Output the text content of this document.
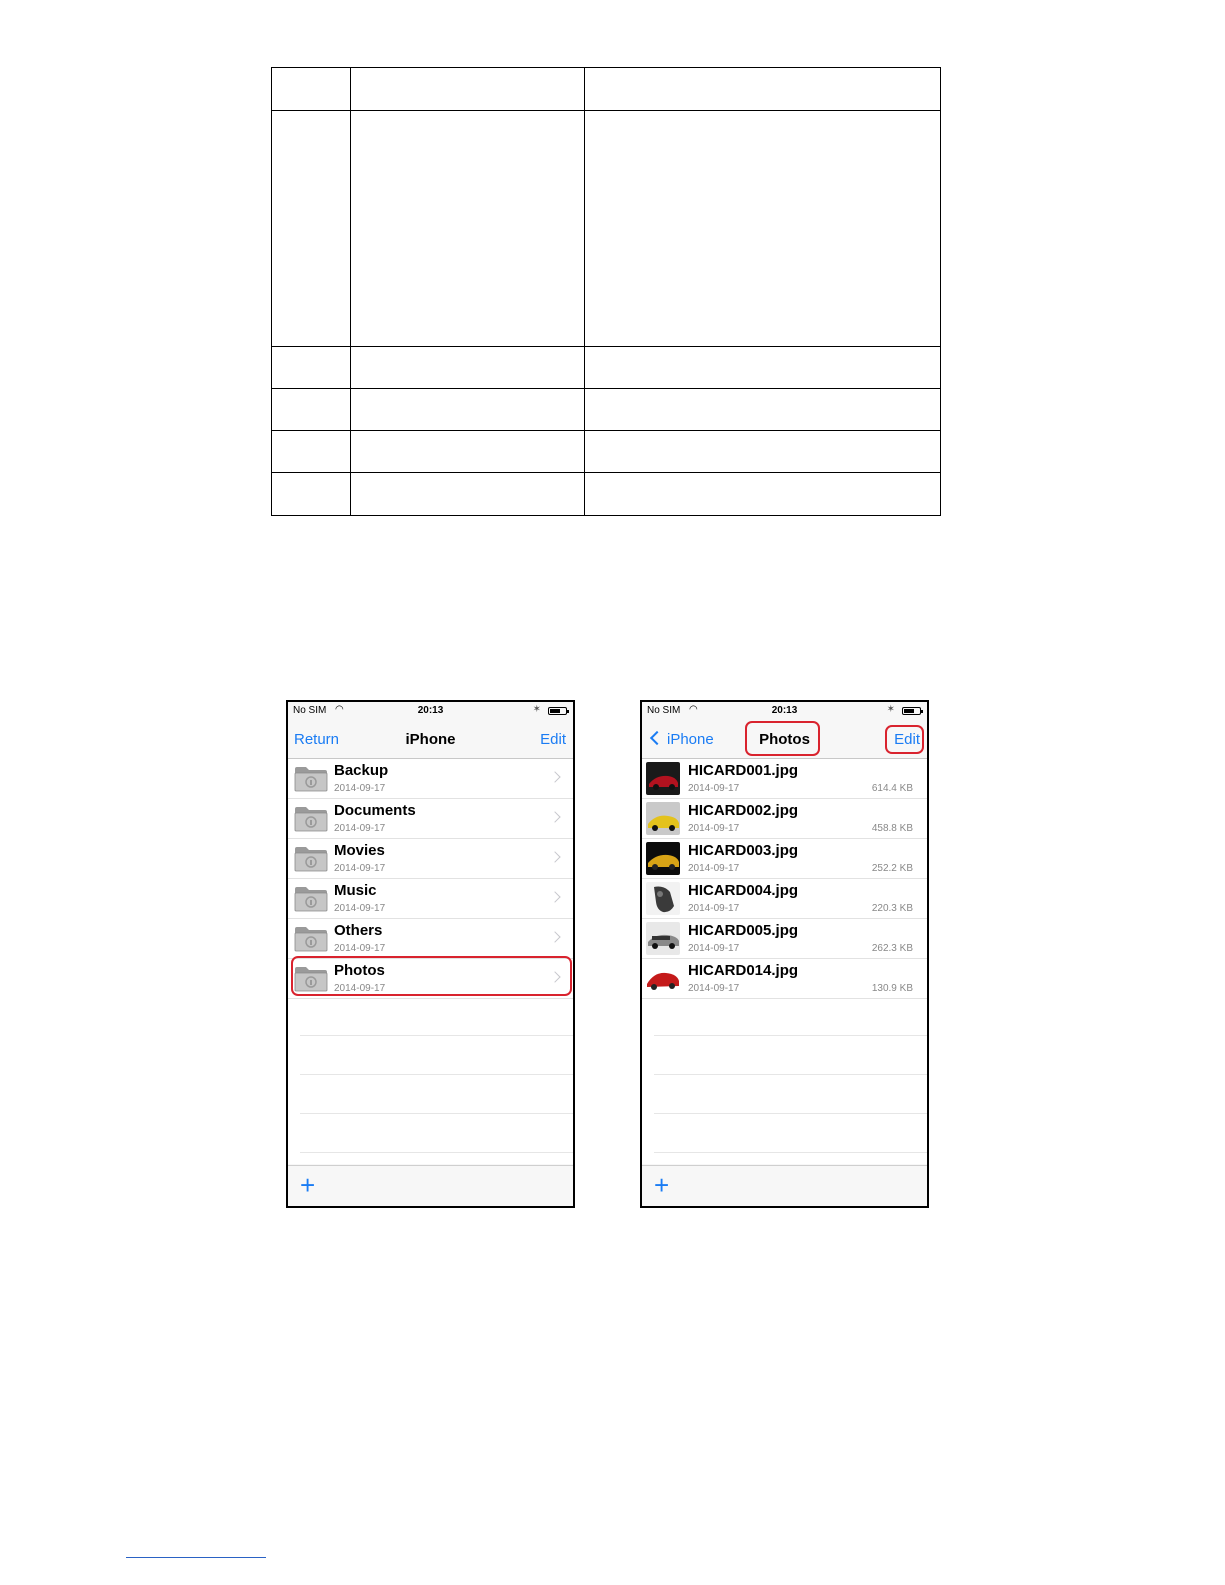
No SIM ◠	20:13	✶
iPhone
Return	Edit
Backup
2014-09-17
Documents
2014-09-17
Movies
2014-09-17
Music
2014-09-17
Others
2014-09-17
Photos
2014-09-17
+
No SIM ◠	20:13	✶
Photos
iPhone	Edit
HICARD001.jpg
2014-09-17	614.4 KB
HICARD002.jpg
2014-09-17	458.8 KB
HICARD003.jpg
2014-09-17	252.2 KB
HICARD004.jpg
2014-09-17	220.3 KB
HICARD005.jpg
2014-09-17	262.3 KB
HICARD014.jpg
2014-09-17	130.9 KB
+
